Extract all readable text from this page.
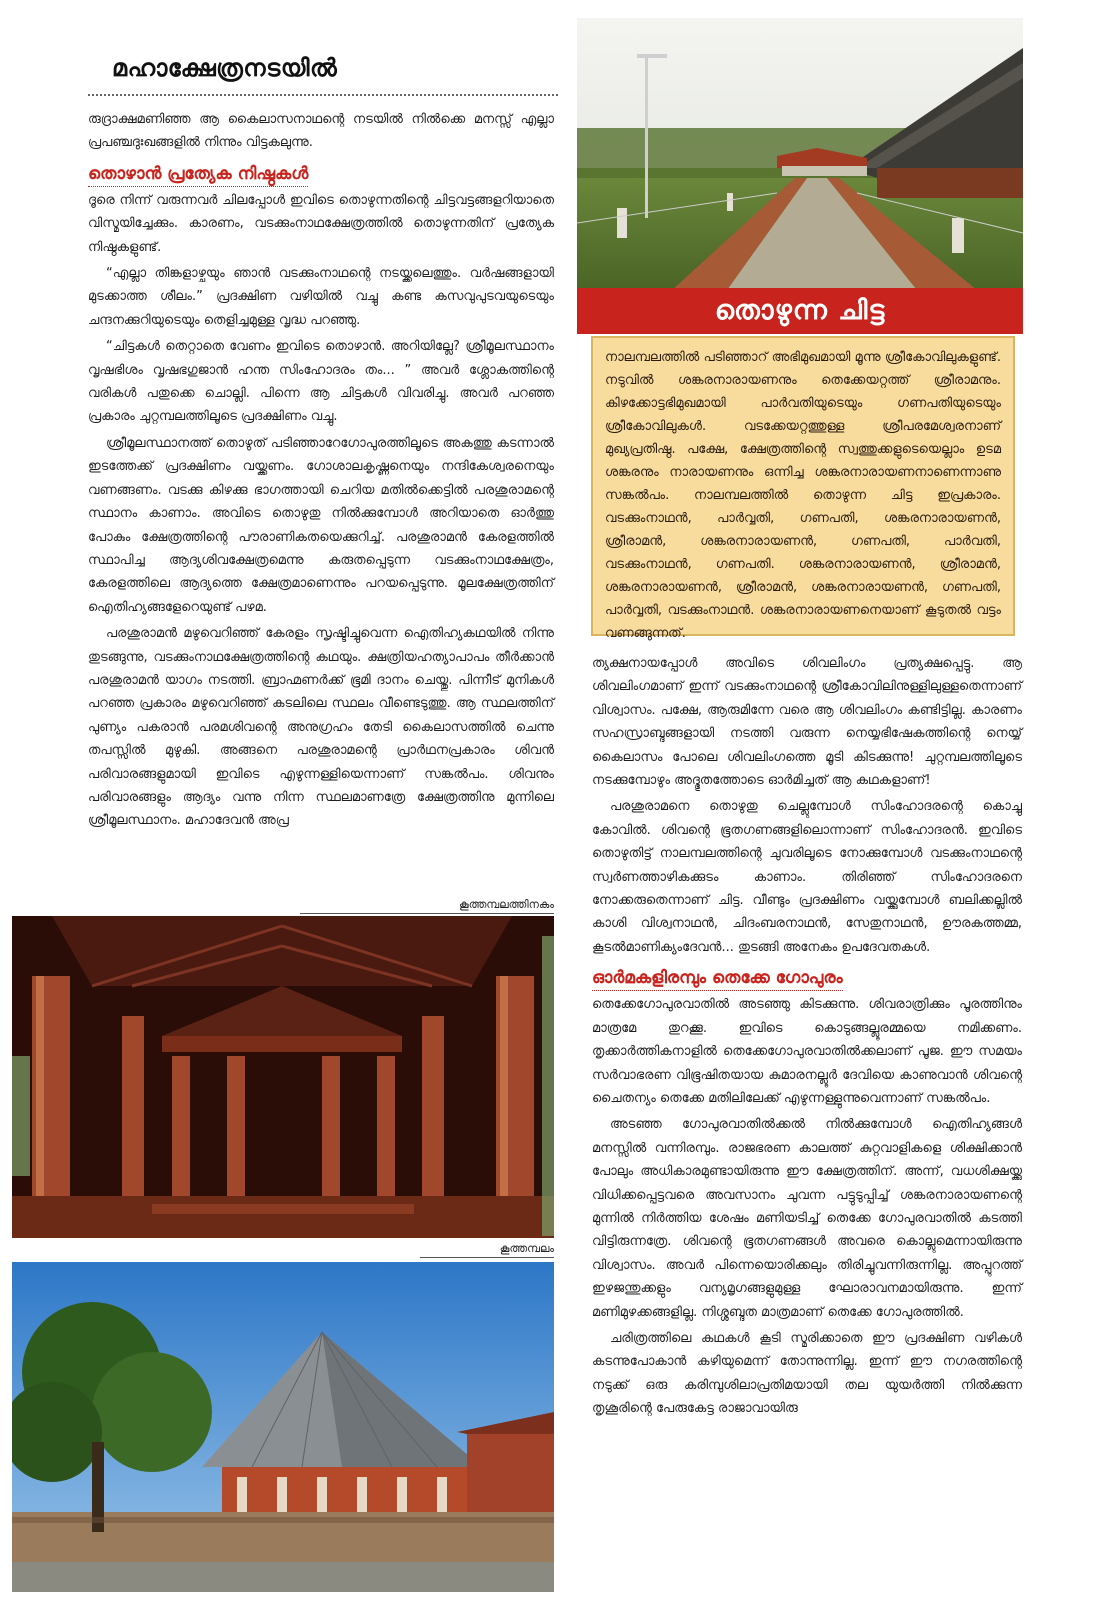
മഹാക്ഷേത്രനടയിൽ

രുദ്രാക്ഷമണിഞ്ഞ ആ കൈലാസനാഥന്റെ നടയിൽ നിൽക്കെ മനസ്സ് എല്ലാ പ്രപഞ്ചദുഃഖങ്ങളിൽ നിന്നും വിട്ടകലുന്നു.

തൊഴാൻ പ്രത്യേക നിഷ്ഠകൾ

ദൂരെ നിന്ന് വരുന്നവർ ചിലപ്പോൾ ഇവിടെ തൊഴുന്നതിന്റെ ചിട്ടവട്ടങ്ങളറിയാതെ വിസ്മയിച്ചേക്കും. കാരണം, വടക്കുംനാഥക്ഷേത്രത്തിൽ തൊഴുന്നതിന് പ്രത്യേക നിഷ്ഠകളുണ്ട്.

“എല്ലാ തിങ്കളാഴ്ചയും ഞാൻ വടക്കുംനാഥന്റെ നടയ്ക്കലെത്തും. വർഷങ്ങളായി മുടക്കാത്ത ശീലം.” പ്രദക്ഷിണ വഴിയിൽ വച്ചു കണ്ട കസവുപുടവയുടെയും ചന്ദനക്കുറിയുടെയും തെളിച്ചമുള്ള വൃദ്ധ പറഞ്ഞു.

“ചിട്ടകൾ തെറ്റാതെ വേണം ഇവിടെ തൊഴാൻ. അറിയില്ലേ? ശ്രീമൂലസ്ഥാനം വൃഷഭിശം വൃഷഭഗുജാൻ ഹന്ത സിംഹോദരം തം... ” അവർ ശ്ലോകത്തിന്റെ വരികൾ പതുക്കെ ചൊല്ലി. പിന്നെ ആ ചിട്ടകൾ വിവരിച്ചു. അവർ പറഞ്ഞ പ്രകാരം ചുറ്റമ്പലത്തിലൂടെ പ്രദക്ഷിണം വച്ചു.

ശ്രീമൂലസ്ഥാനത്ത് തൊഴുത് പടിഞ്ഞാറേഗോപുരത്തിലൂടെ അകത്തു കടന്നാൽ ഇടത്തേക്ക് പ്രദക്ഷിണം വയ്ക്കണം. ഗോശാലകൃഷ്ണനെയും നന്ദികേശ്വരനെയും വണങ്ങണം. വടക്കു കിഴക്കു ഭാഗത്തായി ചെറിയ മതിൽക്കെട്ടിൽ പരശുരാമന്റെ സ്ഥാനം കാണാം. അവിടെ തൊഴുതു നിൽക്കുമ്പോൾ അറിയാതെ ഓർത്തു പോകും ക്ഷേത്രത്തിന്റെ പൗരാണികതയെക്കുറിച്ച്. പരശുരാമൻ കേരളത്തിൽ സ്ഥാപിച്ച ആദ്യശിവക്ഷേത്രമെന്നു കരുതപ്പെടുന്ന വടക്കുംനാഥക്ഷേത്രം, കേരളത്തിലെ ആദ്യത്തെ ക്ഷേത്രമാണെന്നും പറയപ്പെടുന്നു. മൂലക്ഷേത്രത്തിന് ഐതിഹ്യങ്ങളേറെയുണ്ട് പഴമ.

പരശുരാമൻ മഴുവെറിഞ്ഞ് കേരളം സൃഷ്ടിച്ചുവെന്ന ഐതിഹ്യകഥയിൽ നിന്നു തുടങ്ങുന്നു, വടക്കുംനാഥക്ഷേത്രത്തിന്റെ കഥയും. ക്ഷത്രിയഹത്യാപാപം തീർക്കാൻ പരശുരാമൻ യാഗം നടത്തി. ബ്രാഹ്മണർക്ക് ഭൂമി ദാനം ചെയ്തു. പിന്നീട് മുനികൾ പറഞ്ഞ പ്രകാരം മഴുവെറിഞ്ഞ് കടലിലെ സ്ഥലം വീണ്ടെടുത്തു. ആ സ്ഥലത്തിന് പുണ്യം പകരാൻ പരമശിവന്റെ അനുഗ്രഹം തേടി കൈലാസത്തിൽ ചെന്നു തപസ്സിൽ മുഴുകി. അങ്ങനെ പരശുരാമന്റെ പ്രാർഥനപ്രകാരം ശിവൻ പരിവാരങ്ങളുമായി ഇവിടെ എഴുന്നള്ളിയെന്നാണ് സങ്കൽപം. ശിവനും പരിവാരങ്ങളും ആദ്യം വന്നു നിന്ന സ്ഥലമാണത്രേ ക്ഷേത്രത്തിനു മുന്നിലെ ശ്രീമൂലസ്ഥാനം. മഹാദേവൻ അപ്ര

തൊഴുന്ന ചിട്ട
നാലമ്പലത്തിൽ പടിഞ്ഞാറ് അഭിമുഖമായി മൂന്നു ശ്രീകോവിലുകളുണ്ട്. നടുവിൽ ശങ്കരനാരായണനും തെക്കേയറ്റത്ത് ശ്രീരാമനും. കിഴക്കോട്ടഭിമുഖമായി പാർവതിയുടെയും ഗണപതിയുടെയും ശ്രീകോവിലുകൾ. വടക്കേയറ്റത്തുള്ള ശ്രീപരമേശ്വരനാണ് മുഖ്യപ്രതിഷ്ഠ. പക്ഷേ, ക്ഷേത്രത്തിന്റെ സ്വത്തുക്കളുടെയെല്ലാം ഉടമ ശങ്കരനും നാരായണനും ഒന്നിച്ച ശങ്കരനാരായണനാണെന്നാണു സങ്കൽപം. നാലമ്പലത്തിൽ തൊഴുന്ന ചിട്ട ഇപ്രകാരം. വടക്കുംനാഥൻ, പാർവ്വതി, ഗണപതി, ശങ്കരനാരായണൻ, ശ്രീരാമൻ, ശങ്കരനാരായണൻ, ഗണപതി, പാർവതി, വടക്കുംനാഥൻ, ഗണപതി. ശങ്കരനാരായണൻ, ശ്രീരാമൻ, ശങ്കരനാരായണൻ, ശ്രീരാമൻ, ശങ്കരനാരായണൻ, ഗണപതി, പാർവ്വതി, വടക്കുംനാഥൻ. ശങ്കരനാരായണനെയാണ് കൂടുതൽ വട്ടം വണങ്ങുന്നത്.

ത്യക്ഷനായപ്പോൾ അവിടെ ശിവലിംഗം പ്രത്യക്ഷപ്പെട്ടു. ആ ശിവലിംഗമാണ് ഇന്ന് വടക്കുംനാഥന്റെ ശ്രീകോവിലിനുള്ളിലുള്ളതെന്നാണ് വിശ്വാസം. പക്ഷേ, ആരുമിന്നേ വരെ ആ ശിവലിംഗം കണ്ടിട്ടില്ല. കാരണം സഹസ്രാബ്ദങ്ങളായി നടത്തി വരുന്ന നെയ്യഭിഷേകത്തിന്റെ നെയ്യ് കൈലാസം പോലെ ശിവലിംഗത്തെ മൂടി കിടക്കുന്നു! ചുറ്റമ്പലത്തിലൂടെ നടക്കുമ്പോഴും അദ്ഭുതത്തോടെ ഓർമിച്ചത് ആ കഥകളാണ്!

പരശുരാമനെ തൊഴുതു ചെല്ലുമ്പോൾ സിംഹോദരന്റെ കൊച്ചു കോവിൽ. ശിവന്റെ ഭൂതഗണങ്ങളിലൊന്നാണ് സിംഹോദരൻ. ഇവിടെ തൊഴുതിട്ട് നാലമ്പലത്തിന്റെ ചുവരിലൂടെ നോക്കുമ്പോൾ വടക്കുംനാഥന്റെ സ്വർണത്താഴികക്കുടം കാണാം. തിരിഞ്ഞ് സിംഹോദരനെ നോക്കരുതെന്നാണ് ചിട്ട. വീണ്ടും പ്രദക്ഷിണം വയ്ക്കുമ്പോൾ ബലിക്കല്ലിൽ കാശി വിശ്വനാഥൻ, ചിദംബരനാഥൻ, സേതുനാഥൻ, ഊരകത്തമ്മ, കൂടൽമാണിക്യംദേവൻ... തുടങ്ങി അനേകം ഉപദേവതകൾ.

ഓർമകളിരമ്പും തെക്കേ ഗോപുരം

തെക്കേഗോപുരവാതിൽ അടഞ്ഞു കിടക്കുന്നു. ശിവരാത്രിക്കും പൂരത്തിനും മാത്രമേ തുറക്കൂ. ഇവിടെ കൊടുങ്ങല്ലൂരമ്മയെ നമിക്കണം. തൃക്കാർത്തികനാളിൽ തെക്കേഗോപുരവാതിൽക്കലാണ് പൂജ. ഈ സമയം സർവാഭരണ വിഭൂഷിതയായ കുമാരനല്ലൂർ ദേവിയെ കാണുവാൻ ശിവന്റെ ചൈതന്യം തെക്കേ മതിലിലേക്ക് എഴുന്നള്ളുന്നുവെന്നാണ് സങ്കൽപം.

അടഞ്ഞ ഗോപുരവാതിൽക്കൽ നിൽക്കുമ്പോൾ ഐതിഹ്യങ്ങൾ മനസ്സിൽ വന്നിരമ്പും. രാജഭരണ കാലത്ത് കുറ്റവാളികളെ ശിക്ഷിക്കാൻ പോലും അധികാരമുണ്ടായിരുന്നു ഈ ക്ഷേത്രത്തിന്. അന്ന്, വധശിക്ഷയ്ക്കു വിധിക്കപ്പെട്ടവരെ അവസാനം ചുവന്ന പട്ടുടുപ്പിച്ച് ശങ്കരനാരായണന്റെ മുന്നിൽ നിർത്തിയ ശേഷം മണിയടിച്ച് തെക്കേ ഗോപുരവാതിൽ കടത്തി വിട്ടിരുന്നത്രേ. ശിവന്റെ ഭൂതഗണങ്ങൾ അവരെ കൊല്ലുമെന്നായിരുന്നു വിശ്വാസം. അവർ പിന്നെയൊരിക്കലും തിരിച്ചുവന്നിരുന്നില്ല. അപ്പുറത്ത് ഇഴജന്തുക്കളും വന്യമൃഗങ്ങളുമുള്ള ഘോരാവനമായിരുന്നു. ഇന്ന് മണിമുഴക്കങ്ങളില്ല. നിശ്ശബ്ദത മാത്രമാണ് തെക്കേ ഗോപുരത്തിൽ.

ചരിത്രത്തിലെ കഥകൾ കൂടി സ്മരിക്കാതെ ഈ പ്രദക്ഷിണ വഴികൾ കടന്നുപോകാൻ കഴിയുമെന്ന് തോന്നുന്നില്ല. ഇന്ന് ഈ നഗരത്തിന്റെ നടുക്ക് ഒരു കരിമ്പുശിലാപ്രതിമയായി തല യുയർത്തി നിൽക്കുന്ന തൃശൂരിന്റെ പേരുകേട്ട രാജാവായിരു

കൂത്തമ്പലത്തിനകം
കൂത്തമ്പലം
